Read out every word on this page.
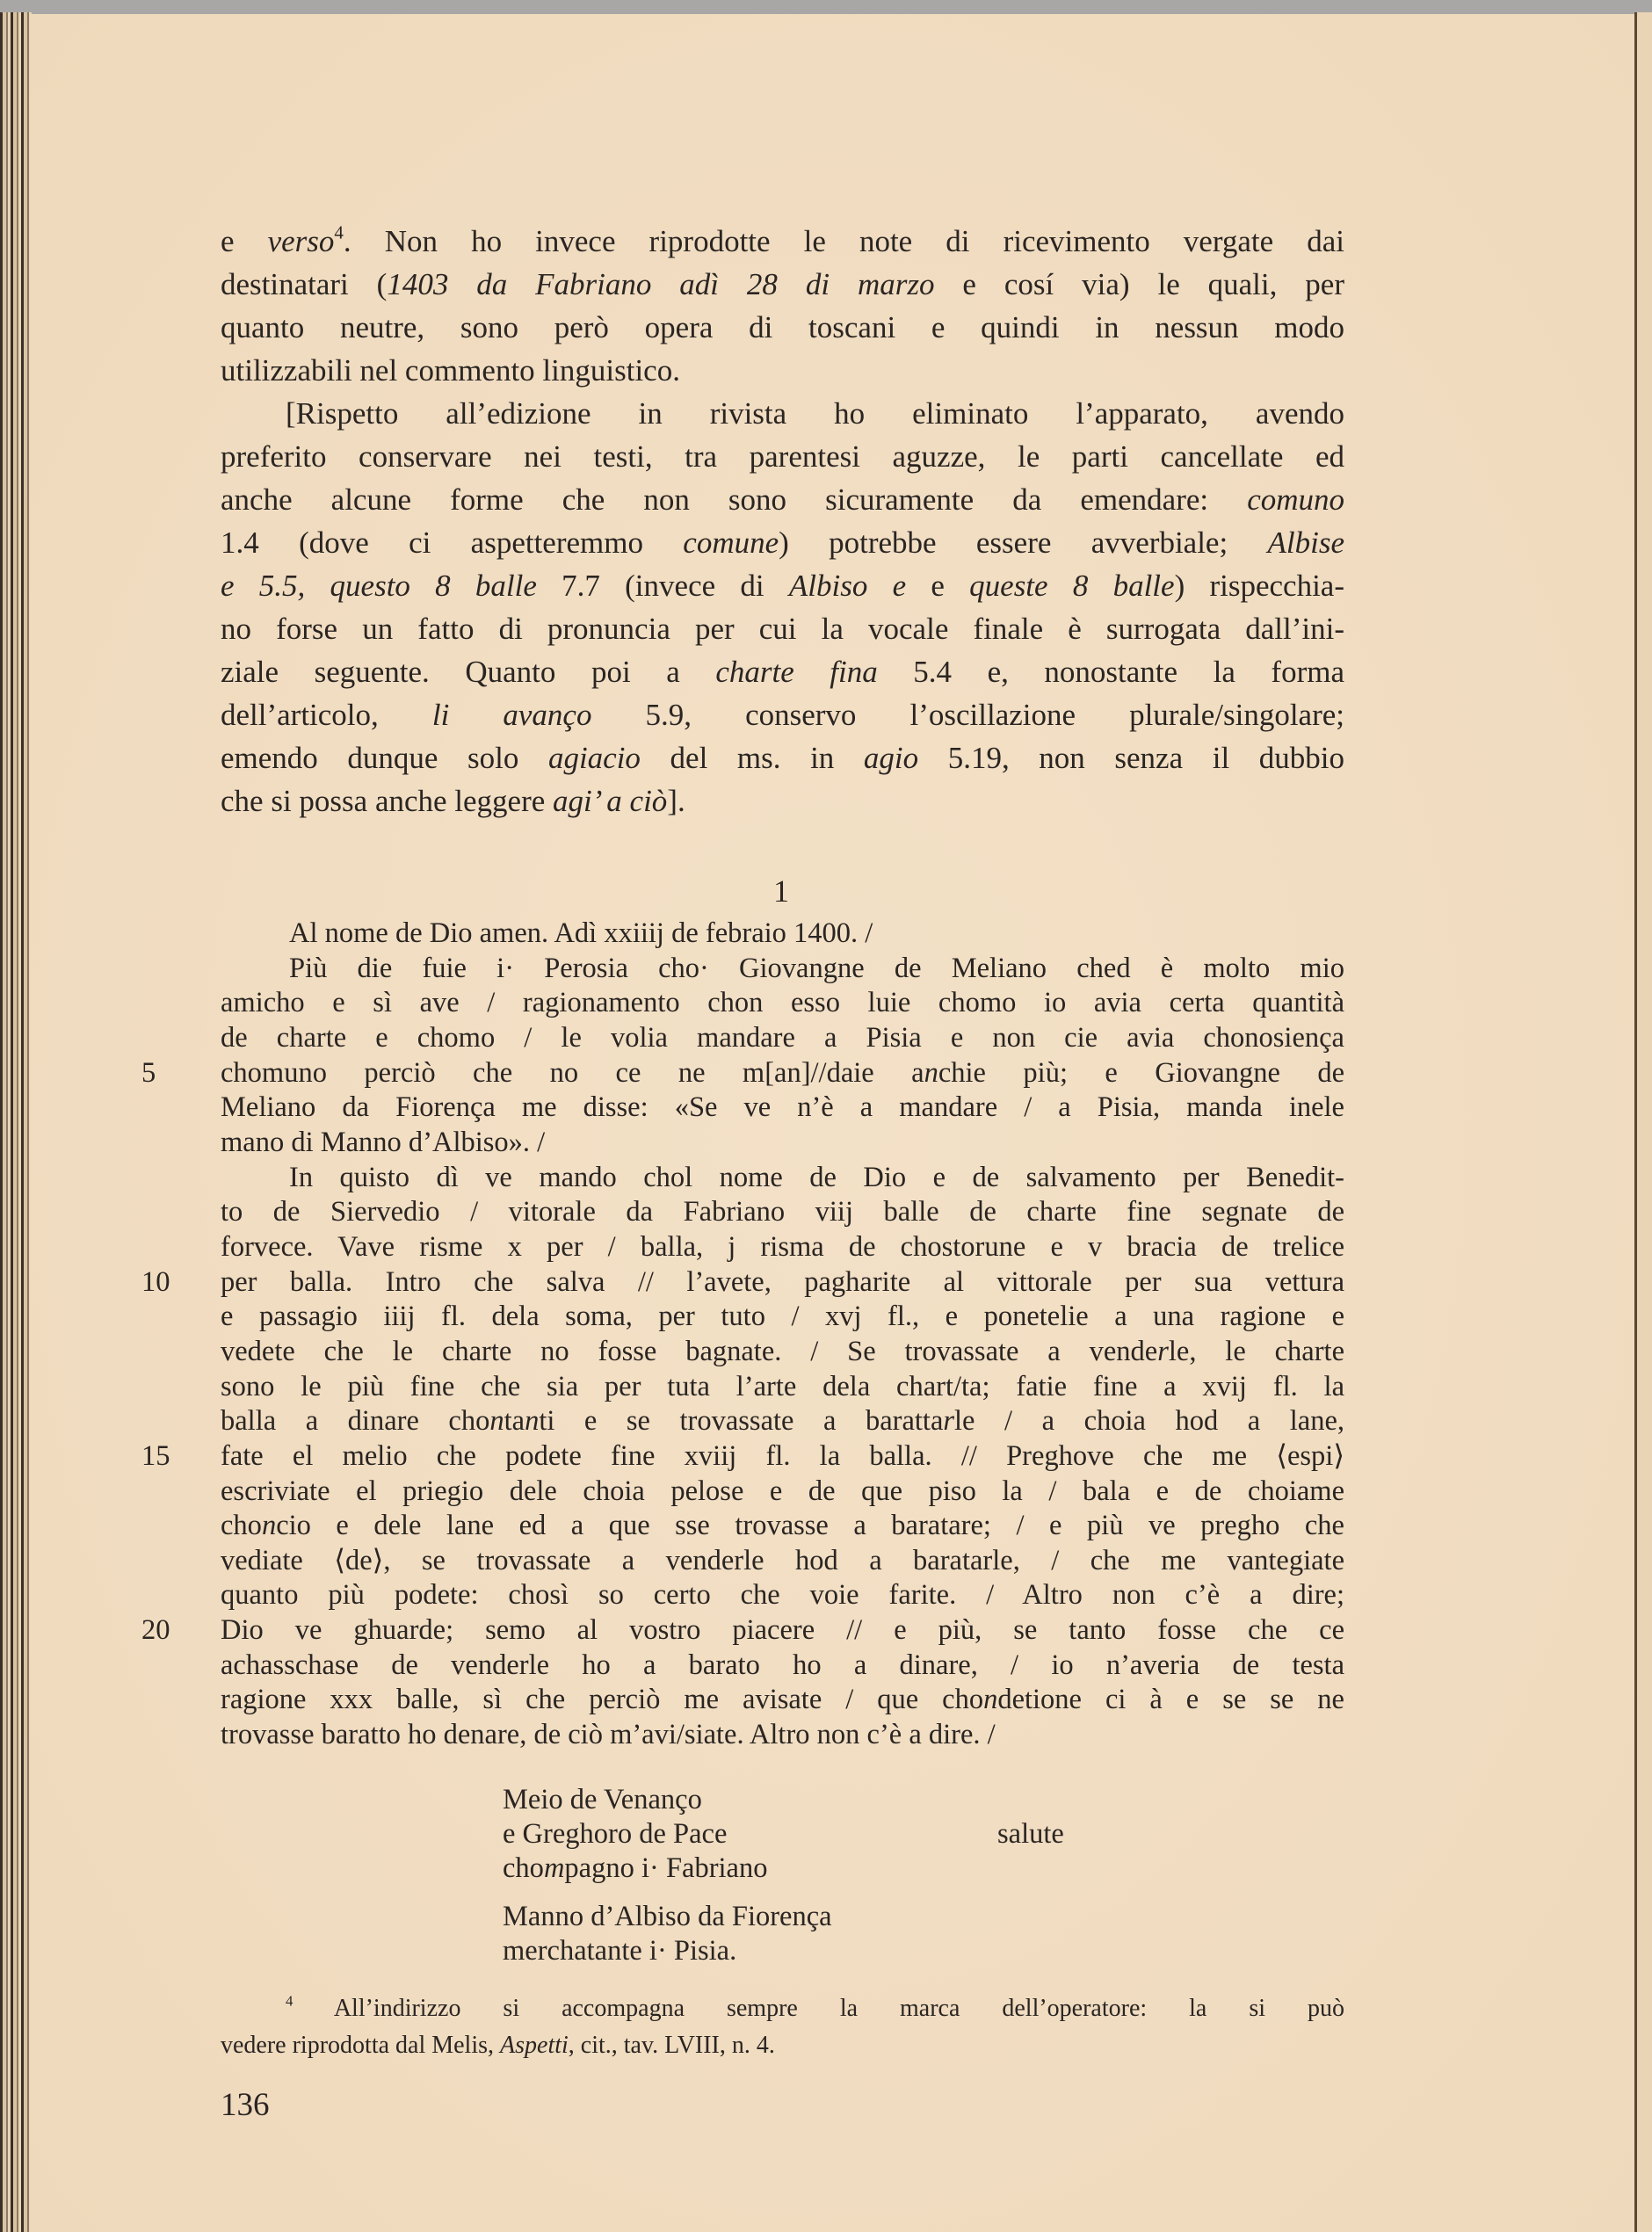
e verso$^4$. Non ho invece riprodotte le note di ricevimento vergate dai
destinatari (1403 da Fabriano adì 28 di marzo e cosí via) le quali, per
quanto neutre, sono però opera di toscani e quindi in nessun modo
utilizzabili nel commento linguistico.
[Rispetto all’edizione in rivista ho eliminato l’apparato, avendo
preferito conservare nei testi, tra parentesi aguzze, le parti cancellate ed
anche alcune forme che non sono sicuramente da emendare: comuno
1.4 (dove ci aspetteremmo comune) potrebbe essere avverbiale; Albise
e 5.5, questo 8 balle 7.7 (invece di Albiso e e queste 8 balle) rispecchia-
no forse un fatto di pronuncia per cui la vocale finale è surrogata dall’ini-
ziale seguente. Quanto poi a charte fina 5.4 e, nonostante la forma
dell’articolo, li avanço 5.9, conservo l’oscillazione plurale/singolare;
emendo dunque solo agiacio del ms. in agio 5.19, non senza il dubbio
che si possa anche leggere agi’ a ciò].
1
Al nome de Dio amen. Adì xxiiij de febraio 1400. /
Più die fuie i· Perosia cho· Giovangne de Meliano ched è molto mio
amicho e sì ave / ragionamento chon esso luie chomo io avia certa quantità
de charte e chomo / le volia mandare a Pisia e non cie avia chonosiença
5	chomuno perciò che no ce ne m[an]//daie anchie più; e Giovangne de
Meliano da Fiorença me disse: «Se ve n’è a mandare / a Pisia, manda inele
mano di Manno d’Albiso». /
In quisto dì ve mando chol nome de Dio e de salvamento per Benedit-
to de Siervedio / vitorale da Fabriano viij balle de charte fine segnate de
forvece. Vave risme x per / balla, j risma de chostorune e v bracia de trelice
10	per balla. Intro che salva // l’avete, pagharite al vittorale per sua vettura
e passagio iiij fl. dela soma, per tuto / xvj fl., e ponetelie a una ragione e
vedete che le charte no fosse bagnate. / Se trovassate a venderle, le charte
sono le più fine che sia per tuta l’arte dela chart/ta; fatie fine a xvij fl. la
balla a dinare chontanti e se trovassate a barattarle / a choia hod a lane,
15	fate el melio che podete fine xviij fl. la balla. // Preghove che me ⟨espi⟩
escriviate el priegio dele choia pelose e de que piso la / bala e de choiame
choncio e dele lane ed a que sse trovasse a baratare; / e più ve pregho che
vediate ⟨de⟩, se trovassate a venderle hod a baratarle, / che me vantegiate
quanto più podete: chosì so certo che voie farite. / Altro non c’è a dire;
20	Dio ve ghuarde; semo al vostro piacere // e più, se tanto fosse che ce
achasschase de venderle ho a barato ho a dinare, / io n’averia de testa
ragione xxx balle, sì che perciò me avisate / que chondetione ci à e se se ne
trovasse baratto ho denare, de ciò m’avi/siate. Altro non c’è a dire. /
Meio de Venanço
e Greghoro de Pace
chompagno i· Fabriano
salute
Manno d’Albiso da Fiorença
merchatante i· Pisia.
$^4$ All’indirizzo si accompagna sempre la marca dell’operatore: la si può
vedere riprodotta dal Melis, Aspetti, cit., tav. LVIII, n. 4.
136
